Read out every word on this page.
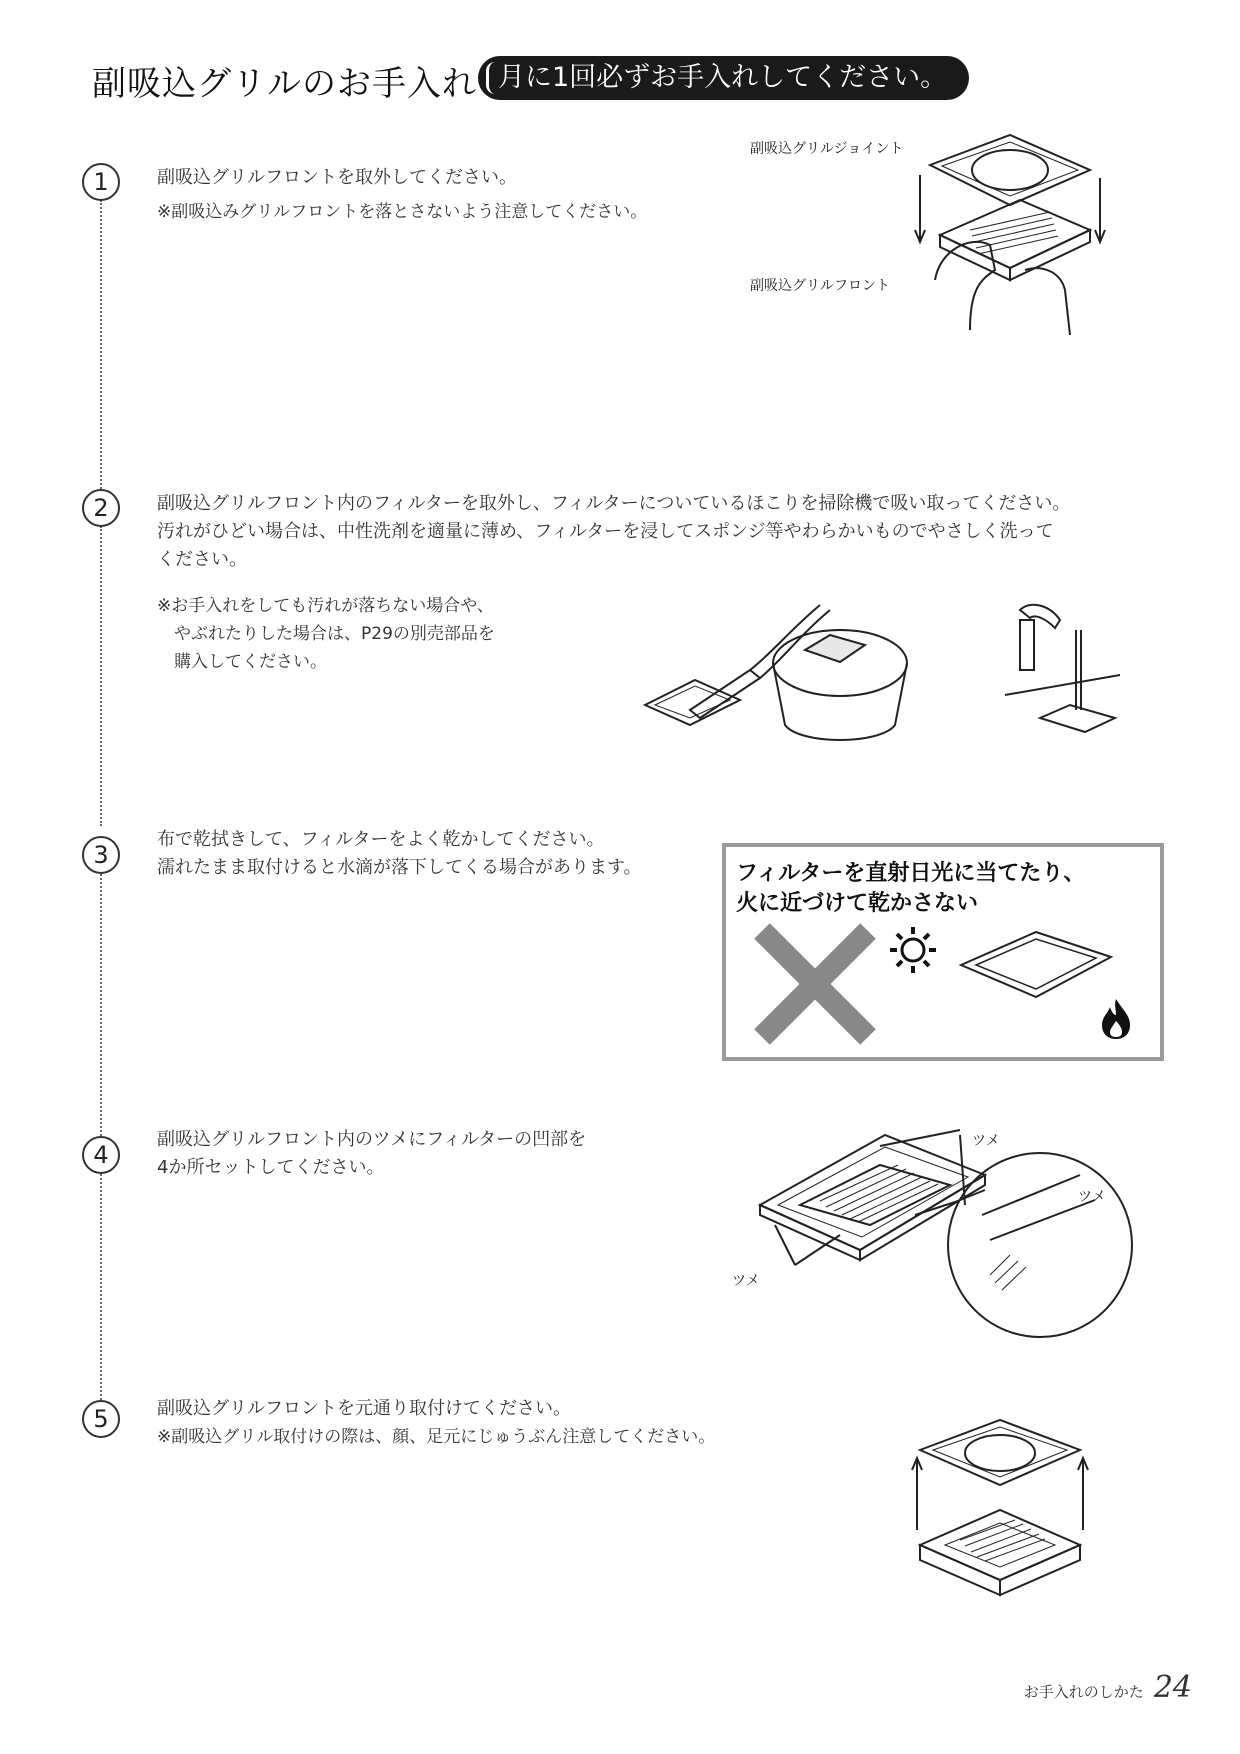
副吸込グリルのお手入れ 月に1回必ずお手入れしてください。
1	副吸込グリルフロントを取外してください。
※副吸込みグリルフロントを落とさないよう注意してください。
副吸込グリルジョイント
副吸込グリルフロント
2	副吸込グリルフロント内のフィルターを取外し、フィルターについているほこりを掃除機で吸い取ってください。
汚れがひどい場合は、中性洗剤を適量に薄め、フィルターを浸してスポンジ等やわらかいものでやさしく洗って
ください。
※お手入れをしても汚れが落ちない場合や、
　やぶれたりした場合は、P29の別売部品を
　購入してください。
3
布で乾拭きして、フィルターをよく乾かしてください。
濡れたまま取付けると水滴が落下してくる場合があります。	フィルターを直射日光に当てたり、
火に近づけて乾かさない
4
副吸込グリルフロント内のツメにフィルターの凹部を
4か所セットしてください。
ツメ
ツメ
ツメ
5	副吸込グリルフロントを元通り取付けてください。
※副吸込グリル取付けの際は、顔、足元にじゅうぶん注意してください。
お手入れのしかた 24
